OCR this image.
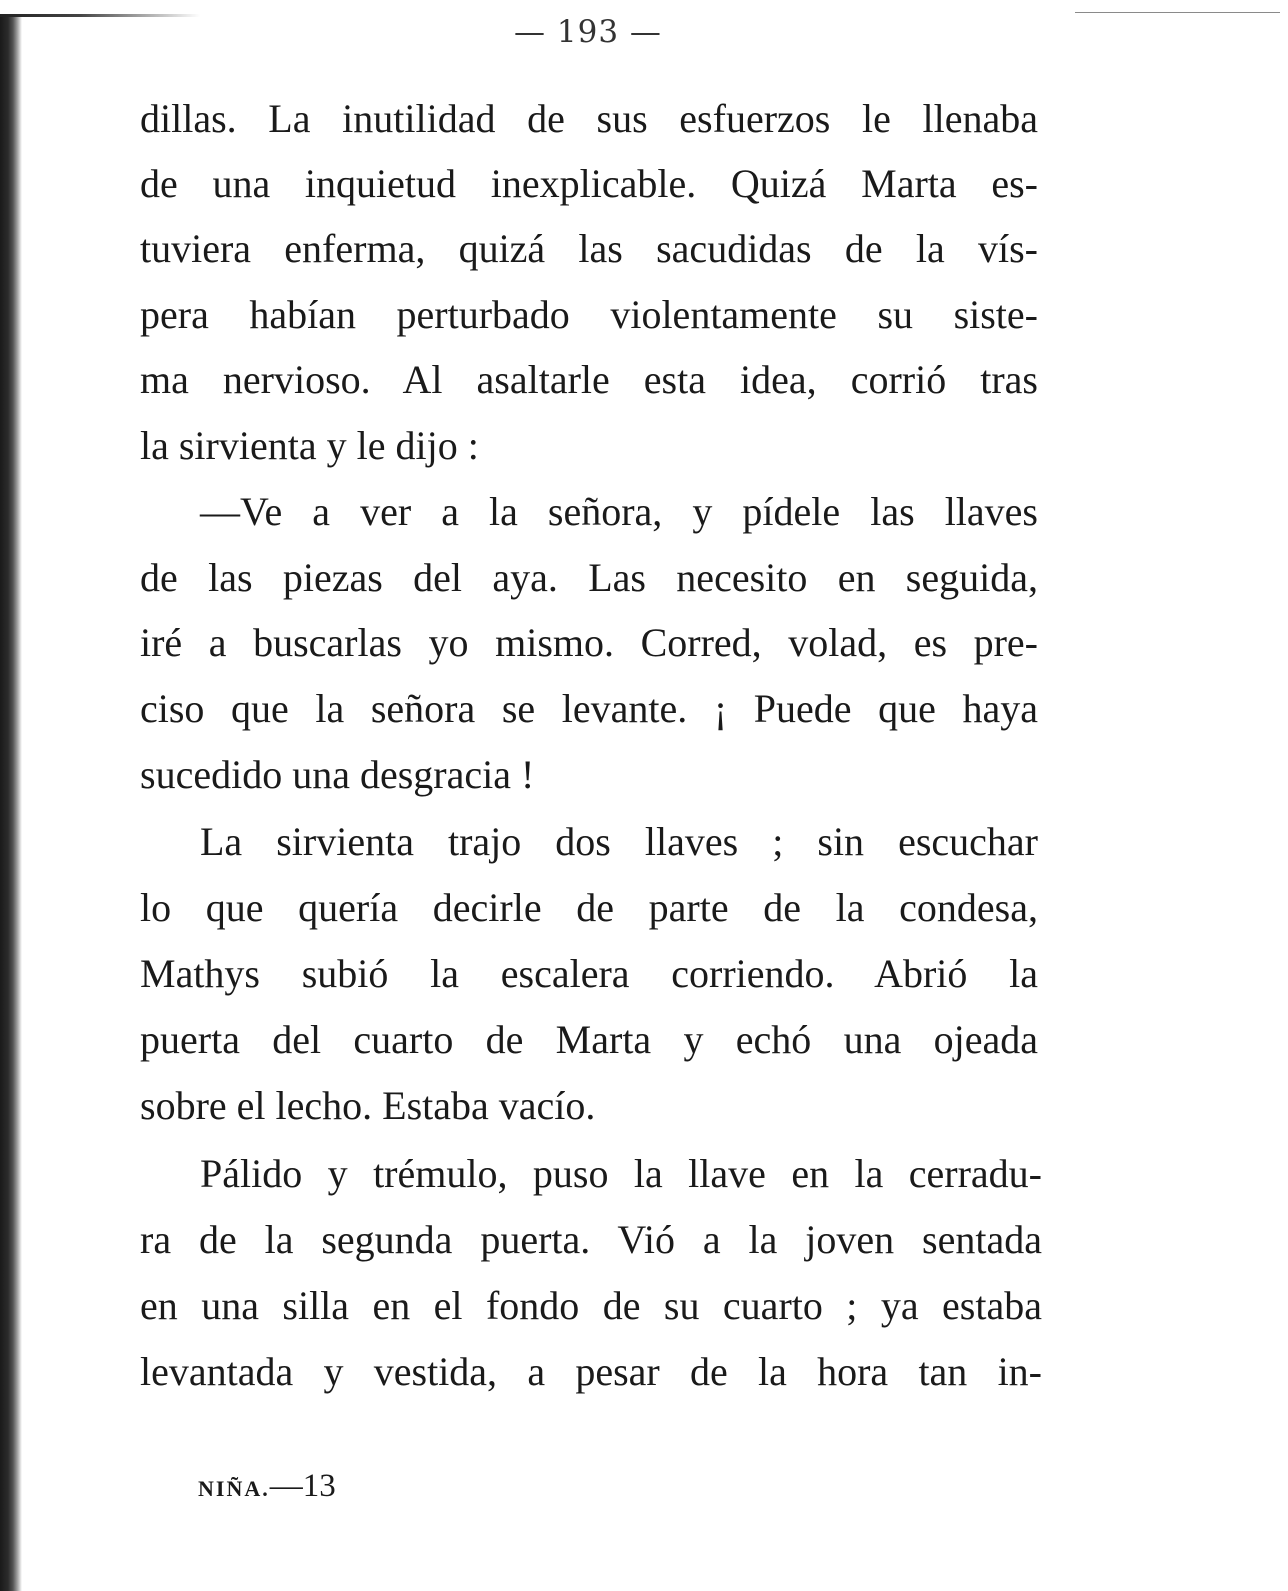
— 193 —
dillas. La inutilidad de sus esfuerzos le llenaba
de una inquietud inexplicable. Quizá Marta es-
tuviera enferma, quizá las sacudidas de la vís-
pera habían perturbado violentamente su siste-
ma nervioso. Al asaltarle esta idea, corrió tras
la sirvienta y le dijo :
—Ve a ver a la señora, y pídele las llaves
de las piezas del aya. Las necesito en seguida,
iré a buscarlas yo mismo. Corred, volad, es pre-
ciso que la señora se levante. ¡ Puede que haya
sucedido una desgracia !
La sirvienta trajo dos llaves ; sin escuchar
lo que quería decirle de parte de la condesa,
Mathys subió la escalera corriendo. Abrió la
puerta del cuarto de Marta y echó una ojeada
sobre el lecho. Estaba vacío.
Pálido y trémulo, puso la llave en la cerradu-
ra de la segunda puerta. Vió a la joven sentada
en una silla en el fondo de su cuarto ; ya estaba
levantada y vestida, a pesar de la hora tan in-
NIÑA.—13
